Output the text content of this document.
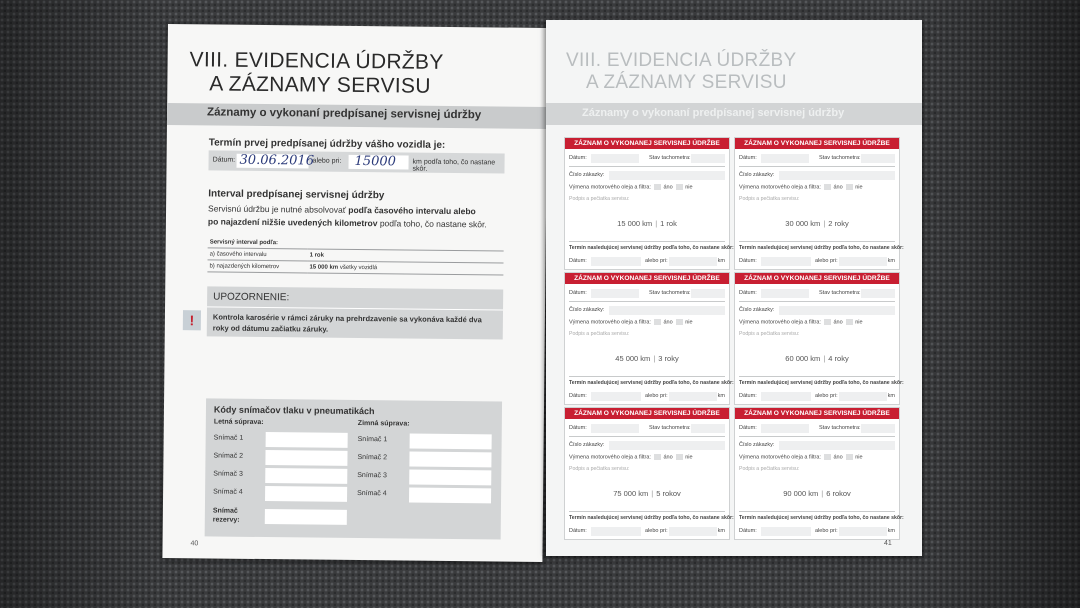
VIII. EVIDENCIA ÚDRŽBY
A ZÁZNAMY SERVISU
Záznamy o vykonaní predpísanej servisnej údržby
Termín prvej predpísanej údržby vášho vozidla je:
Dátum: 30.06.2016
alebo pri: 15000 km podľa toho, čo nastane skôr.
Interval predpísanej servisnej údržby
Servisnú údržbu je nutné absolvovať podľa časového intervalu alebo
po najazdení nižšie uvedených kilometrov podľa toho, čo nastane skôr.
Servisný interval podľa:	
a) časového intervalu	1 rok
b) najazdených kilometrov	15 000 km všetky vozidlá
!
UPOZORNENIE:
Kontrola karosérie v rámci záruky na prehrdzavenie sa vykonáva každé dva roky od dátumu začiatku záruky.
Kódy snímačov tlaku v pneumatikách
Letná súprava:
Snímač 1
Snímač 2
Snímač 3
Snímač 4
Snímač
rezervy:
Zimná súprava:
Snímač 1
Snímač 2
Snímač 3
Snímač 4
40
VIII. EVIDENCIA ÚDRŽBY
A ZÁZNAMY SERVISU
Záznamy o vykonaní predpísanej servisnej údržby
ZÁZNAM O VYKONANEJ SERVISNEJ ÚDRŽBE
Dátum:	Stav tachometra:
Číslo zákazky:
Výmena motorového oleja a filtra: áno nie
Podpis a pečiatka servisu:
15 000 km | 1 rok
Termín nasledujúcej servisnej údržby podľa toho, čo nastane skôr:
Dátum:	alebo pri:	km
ZÁZNAM O VYKONANEJ SERVISNEJ ÚDRŽBE
Dátum:	Stav tachometra:
Číslo zákazky:
Výmena motorového oleja a filtra: áno nie
Podpis a pečiatka servisu:
30 000 km | 2 roky
Termín nasledujúcej servisnej údržby podľa toho, čo nastane skôr:
Dátum:	alebo pri:	km
ZÁZNAM O VYKONANEJ SERVISNEJ ÚDRŽBE
Dátum:	Stav tachometra:
Číslo zákazky:
Výmena motorového oleja a filtra: áno nie
Podpis a pečiatka servisu:
45 000 km | 3 roky
Termín nasledujúcej servisnej údržby podľa toho, čo nastane skôr:
Dátum:	alebo pri:	km
ZÁZNAM O VYKONANEJ SERVISNEJ ÚDRŽBE
Dátum:	Stav tachometra:
Číslo zákazky:
Výmena motorového oleja a filtra: áno nie
Podpis a pečiatka servisu:
60 000 km | 4 roky
Termín nasledujúcej servisnej údržby podľa toho, čo nastane skôr:
Dátum:	alebo pri:	km
ZÁZNAM O VYKONANEJ SERVISNEJ ÚDRŽBE
Dátum:	Stav tachometra:
Číslo zákazky:
Výmena motorového oleja a filtra: áno nie
Podpis a pečiatka servisu:
75 000 km | 5 rokov
Termín nasledujúcej servisnej údržby podľa toho, čo nastane skôr:
Dátum:	alebo pri:	km
ZÁZNAM O VYKONANEJ SERVISNEJ ÚDRŽBE
Dátum:	Stav tachometra:
Číslo zákazky:
Výmena motorového oleja a filtra: áno nie
Podpis a pečiatka servisu:
90 000 km | 6 rokov
Termín nasledujúcej servisnej údržby podľa toho, čo nastane skôr:
Dátum:	alebo pri:	km
41
